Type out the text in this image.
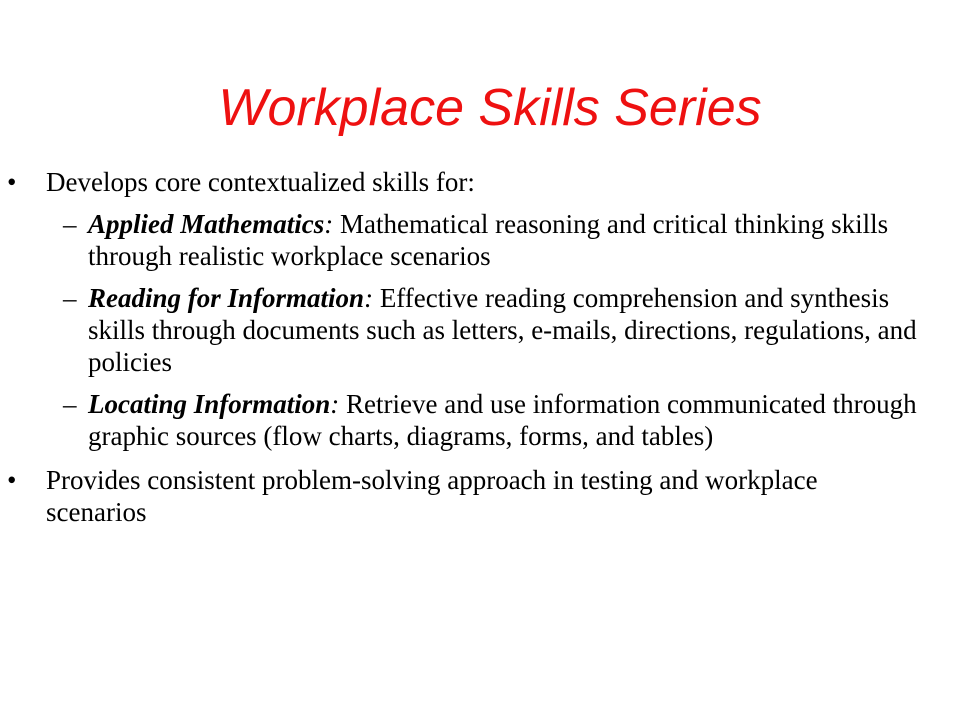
Workplace Skills Series
• Develops core contextualized skills for:
– Applied Mathematics: Mathematical reasoning and critical thinking skills through realistic workplace scenarios
– Reading for Information: Effective reading comprehension and synthesis skills through documents such as letters, e-mails, directions, regulations, and policies
– Locating Information: Retrieve and use information communicated through graphic sources (flow charts, diagrams, forms, and tables)
• Provides consistent problem-solving approach in testing and workplace scenarios
